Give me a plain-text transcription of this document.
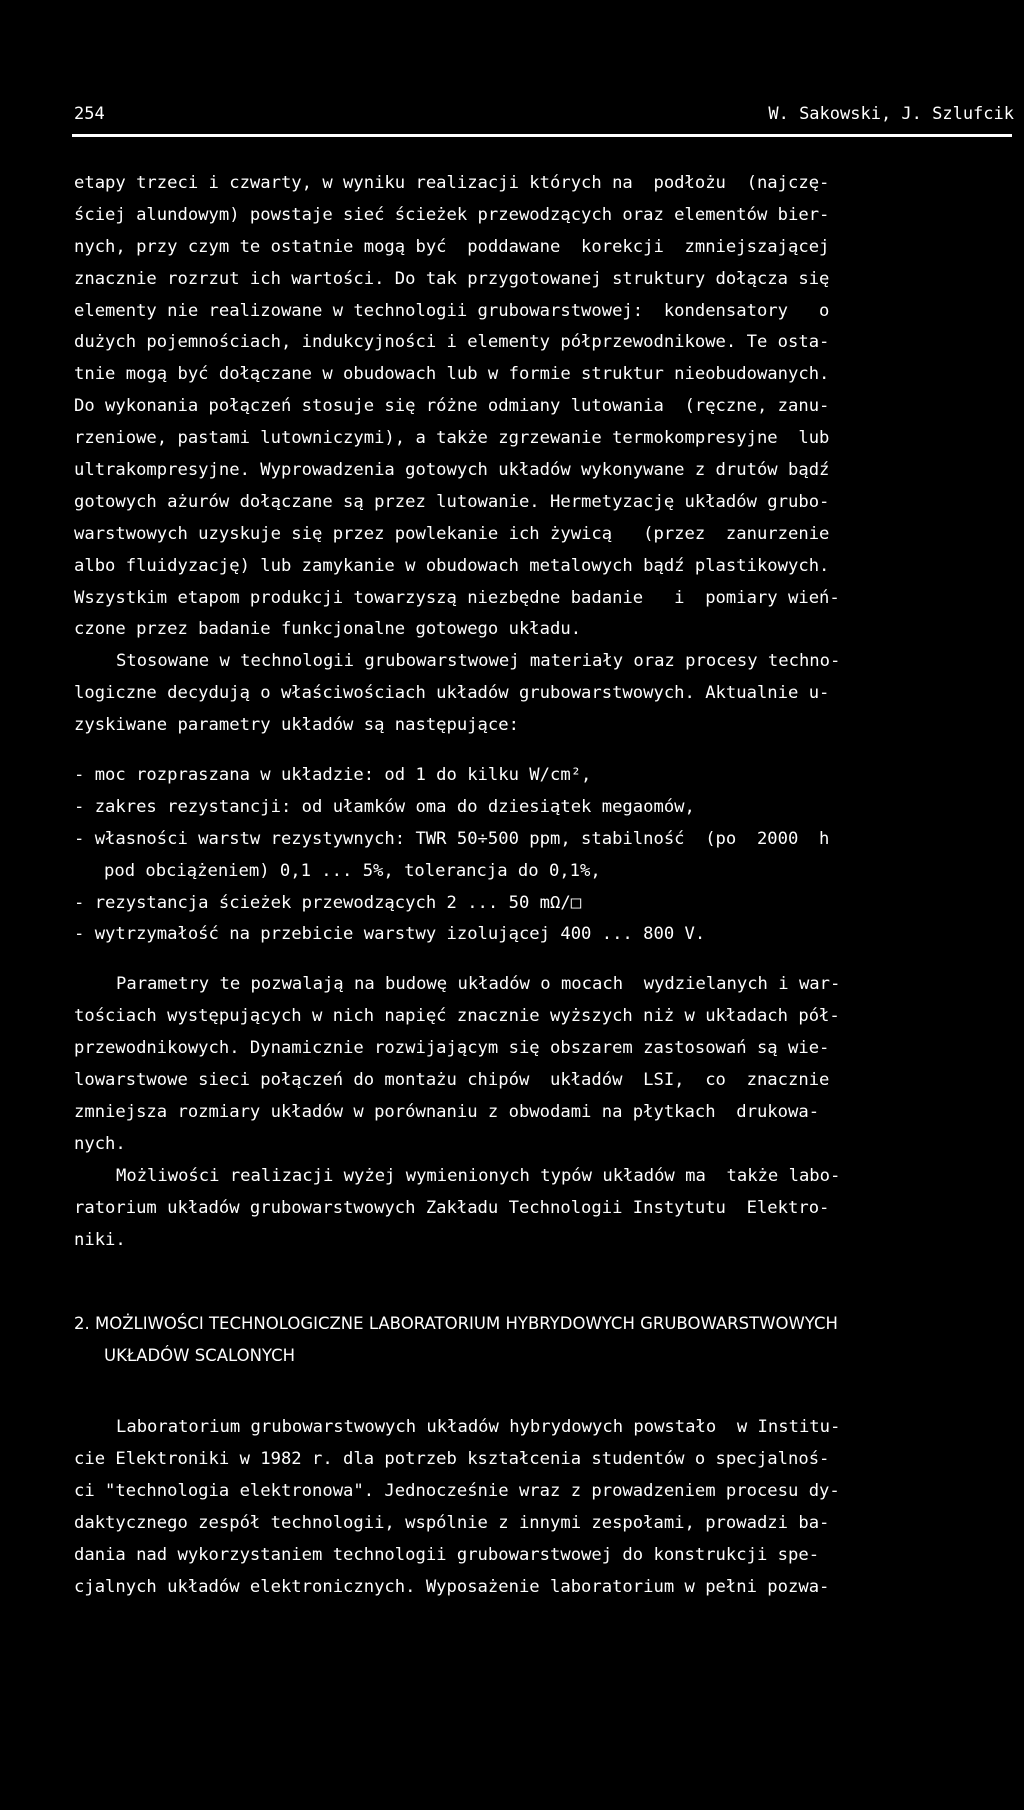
254	W. Sakowski, J. Szlufcik
etapy trzeci i czwarty, w wyniku realizacji których na  podłożu  (najczę-
ściej alundowym) powstaje sieć ścieżek przewodzących oraz elementów bier-
nych, przy czym te ostatnie mogą być  poddawane  korekcji  zmniejszającej
znacznie rozrzut ich wartości. Do tak przygotowanej struktury dołącza się
elementy nie realizowane w technologii grubowarstwowej:  kondensatory   o
dużych pojemnościach, indukcyjności i elementy półprzewodnikowe. Te osta-
tnie mogą być dołączane w obudowach lub w formie struktur nieobudowanych.
Do wykonania połączeń stosuje się różne odmiany lutowania  (ręczne, zanu-
rzeniowe, pastami lutowniczymi), a także zgrzewanie termokompresyjne  lub
ultrakompresyjne. Wyprowadzenia gotowych układów wykonywane z drutów bądź
gotowych ażurów dołączane są przez lutowanie. Hermetyzację układów grubo-
warstwowych uzyskuje się przez powlekanie ich żywicą   (przez  zanurzenie
albo fluidyzację) lub zamykanie w obudowach metalowych bądź plastikowych.
Wszystkim etapom produkcji towarzyszą niezbędne badanie   i  pomiary wień-
czone przez badanie funkcjonalne gotowego układu.
Stosowane w technologii grubowarstwowej materiały oraz procesy techno-
logiczne decydują o właściwościach układów grubowarstwowych. Aktualnie u-
zyskiwane parametry układów są następujące:
- moc rozpraszana w układzie: od 1 do kilku W/cm²,
- zakres rezystancji: od ułamków oma do dziesiątek megaomów,
- własności warstw rezystywnych: TWR 50÷500 ppm, stabilność  (po  2000  h
pod obciążeniem) 0,1 ... 5%, tolerancja do 0,1%,
- rezystancja ścieżek przewodzących 2 ... 50 mΩ/□
- wytrzymałość na przebicie warstwy izolującej 400 ... 800 V.
Parametry te pozwalają na budowę układów o mocach  wydzielanych i war-
tościach występujących w nich napięć znacznie wyższych niż w układach pół-
przewodnikowych. Dynamicznie rozwijającym się obszarem zastosowań są wie-
lowarstwowe sieci połączeń do montażu chipów  układów  LSI,  co  znacznie
zmniejsza rozmiary układów w porównaniu z obwodami na płytkach  drukowa-
nych.
Możliwości realizacji wyżej wymienionych typów układów ma  także labo-
ratorium układów grubowarstwowych Zakładu Technologii Instytutu  Elektro-
niki.
2. MOŻLIWOŚCI TECHNOLOGICZNE LABORATORIUM HYBRYDOWYCH GRUBOWARSTWOWYCH
UKŁADÓW SCALONYCH
Laboratorium grubowarstwowych układów hybrydowych powstało  w Institu-
cie Elektroniki w 1982 r. dla potrzeb kształcenia studentów o specjalnoś-
ci "technologia elektronowa". Jednocześnie wraz z prowadzeniem procesu dy-
daktycznego zespół technologii, wspólnie z innymi zespołami, prowadzi ba-
dania nad wykorzystaniem technologii grubowarstwowej do konstrukcji spe-
cjalnych układów elektronicznych. Wyposażenie laboratorium w pełni pozwa-
